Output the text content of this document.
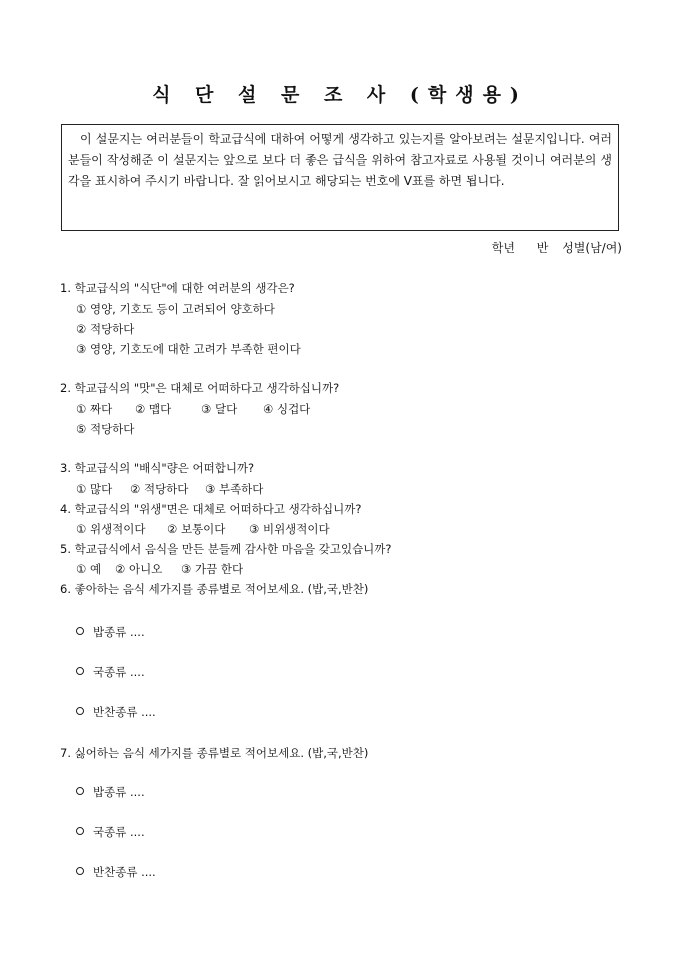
식 단 설 문 조 사 (학생용)
이 설문지는 여러분들이 학교급식에 대하여 어떻게 생각하고 있는지를 알아보려는 설문지입니다. 여러분들이 작성해준 이 설문지는 앞으로 보다 더 좋은 급식을 위하여 참고자료로 사용될 것이니 여러분의 생각을 표시하여 주시기 바랍니다. 잘 읽어보시고 해당되는 번호에 V표를 하면 됩니다.
학년 반 성별(남/여)
1. 학교급식의 "식단"에 대한 여러분의 생각은?
① 영양, 기호도 등이 고려되어 양호하다
② 적당하다
③ 영양, 기호도에 대한 고려가 부족한 편이다
2. 학교급식의 "맛"은 대체로 어떠하다고 생각하십니까?
① 짜다 ② 맵다	③ 달다 ④ 싱겁다
⑤ 적당하다
3. 학교급식의 "배식"량은 어떠합니까?
① 많다 ② 적당하다 ③ 부족하다
4. 학교급식의 "위생"면은 대체로 어떠하다고 생각하십니까?
① 위생적이다 ② 보통이다 ③ 비위생적이다
5. 학교급식에서 음식을 만든 분들께 감사한 마음을 갖고있습니까?
① 예 ② 아니오 ③ 가끔 한다
6. 좋아하는 음식 세가지를 종류별로 적어보세요. (밥,국,반찬)
밥종류 ....
국종류 ....
반찬종류 ....
7. 싫어하는 음식 세가지를 종류별로 적어보세요. (밥,국,반찬)
밥종류 ....
국종류 ....
반찬종류 ....
